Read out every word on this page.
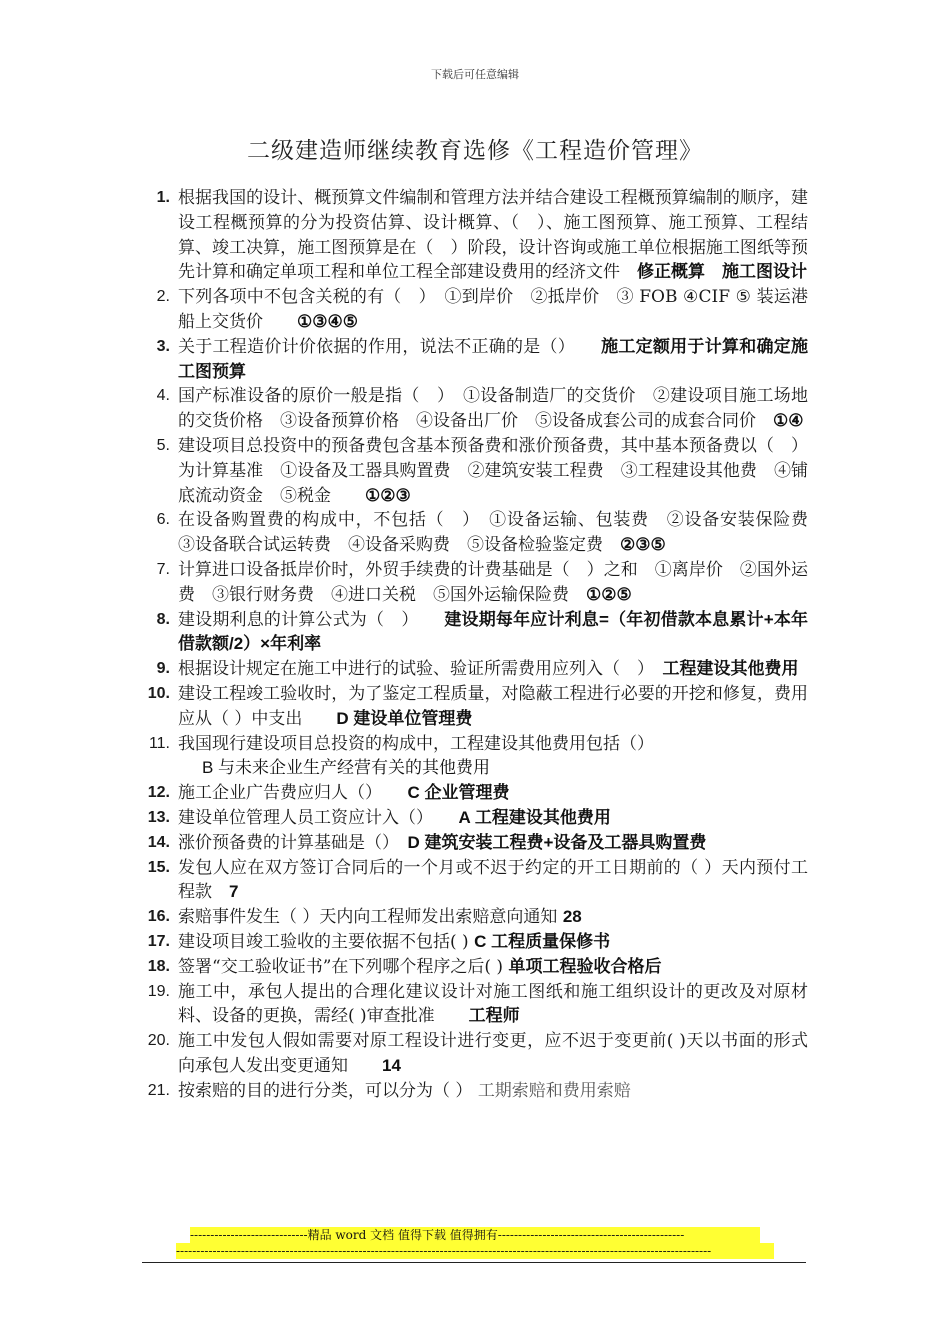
下载后可任意编辑
二级建造师继续教育选修《工程造价管理》
1. 根据我国的设计、概预算文件编制和管理方法并结合建设工程概预算编制的顺序，建设工程概预算的分为投资估算、设计概算、（　）、施工图预算、施工预算、工程结算、竣工决算，施工图预算是在（　）阶段，设计咨询或施工单位根据施工图纸等预先计算和确定单项工程和单位工程全部建设费用的经济文件　 修正概算　施工图设计
2. 下列各项中不包含关税的有（　）　①到岸价　②抵岸价　③ FOB ④CIF ⑤ 装运港船上交货价　　 ①③④⑤
3. 关于工程造价计价依据的作用，说法不正确的是（）　　 施工定额用于计算和确定施工图预算
4. 国产标准设备的原价一般是指（　）　①设备制造厂的交货价　②建设项目施工场地的交货价格　③设备预算价格　④设备出厂价　⑤设备成套公司的成套合同价　 ①④
5. 建设项目总投资中的预备费包含基本预备费和涨价预备费，其中基本预备费以（　）为计算基准　①设备及工器具购置费　②建筑安装工程费　③工程建设其他费　④铺底流动资金　⑤税金　　 ①②③
6. 在设备购置费的构成中，不包括（　）　①设备运输、包装费　②设备安装保险费　③设备联合试运转费　④设备采购费　⑤设备检验鉴定费　 ②③⑤
7. 计算进口设备抵岸价时，外贸手续费的计费基础是（　）之和　①离岸价　②国外运费　③银行财务费　④进口关税　⑤国外运输保险费　 ①②⑤
8. 建设期利息的计算公式为（　）　　 建设期每年应计利息=（年初借款本息累计+本年借款额/2）×年利率
9. 根据设计规定在施工中进行的试验、验证所需费用应列入（　）　 工程建设其他费用
10. 建设工程竣工验收时，为了鉴定工程质量，对隐蔽工程进行必要的开挖和修复，费用应从（ ）中支出　　 D 建设单位管理费
11. 我国现行建设项目总投资的构成中，工程建设其他费用包括（）
B 与未来企业生产经营有关的其他费用
12. 施工企业广告费应归人（）　　 C 企业管理费
13. 建设单位管理人员工资应计入（）　　 A 工程建设其他费用
14. 涨价预备费的计算基础是（）　 D 建筑安装工程费+设备及工器具购置费
15. 发包人应在双方签订合同后的一个月或不迟于约定的开工日期前的（ ）天内预付工程款　 7
16. 索赔事件发生（ ）天内向工程师发出索赔意向通知 28
17. 建设项目竣工验收的主要依据不包括( ) C 工程质量保修书
18. 签署“交工验收证书”在下列哪个程序之后( ) 单项工程验收合格后
19. 施工中，承包人提出的合理化建议设计对施工图纸和施工组织设计的更改及对原材料、设备的更换，需经( )审查批准　　 工程师
20. 施工中发包人假如需要对原工程设计进行变更，应不迟于变更前( )天以书面的形式向承包人发出变更通知　　 14
21. 按索赔的目的进行分类，可以分为（ ） 工期索赔和费用索赔
-----------------------------精品 word 文档 值得下载 值得拥有----------------------------------------------
------------------------------------------------------------------------------------------------------------------------------------
